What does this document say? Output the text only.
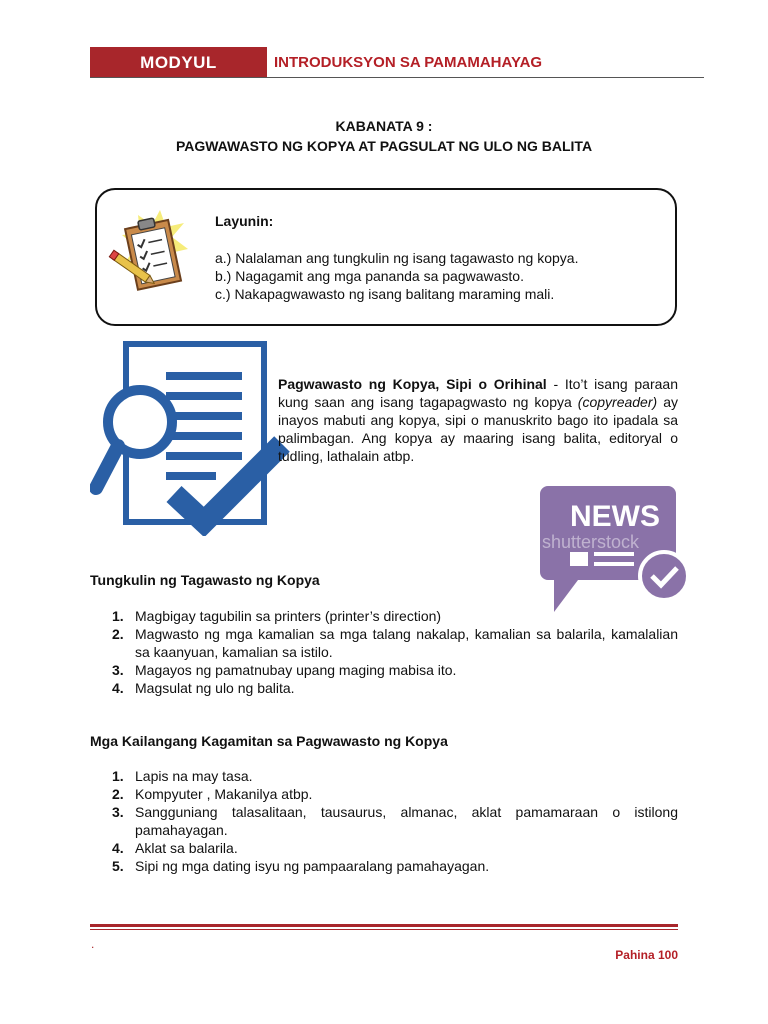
MODYUL	INTRODUKSYON SA PAMAMAHAYAG
KABANATA 9 :
PAGWAWASTO NG KOPYA AT PAGSULAT NG ULO NG BALITA
Layunin:
a.) Nalalaman ang tungkulin ng isang tagawasto ng kopya.
b.) Nagagamit ang mga pananda sa pagwawasto.
c.) Nakapagwawasto ng isang balitang maraming mali.
Pagwawasto ng Kopya, Sipi o Orihinal - Ito’t isang paraan kung saan ang isang tagapagwasto ng kopya (copyreader) ay inayos mabuti ang kopya, sipi o manuskrito bago ito ipadala sa palimbagan. Ang kopya ay maaring isang balita, editoryal o tudling, lathalain atbp.
NEWS
shutterstock
Tungkulin ng Tagawasto ng Kopya
1. Magbigay tagubilin sa printers (printer’s direction)
2. Magwasto ng mga kamalian sa mga talang nakalap, kamalian sa balarila, kamalalian sa kaanyuan, kamalian sa istilo.
3. Magayos ng pamatnubay upang maging mabisa ito.
4. Magsulat ng ulo ng balita.
Mga Kailangang Kagamitan sa Pagwawasto ng Kopya
1. Lapis na may tasa.
2. Kompyuter , Makanilya atbp.
3. Sangguniang talasalitaan, tausaurus, almanac, aklat pamamaraan o istilong pamahayagan.
4. Aklat sa balarila.
5. Sipi ng mga dating isyu ng pampaaralang pamahayagan.
.
Pahina 100
